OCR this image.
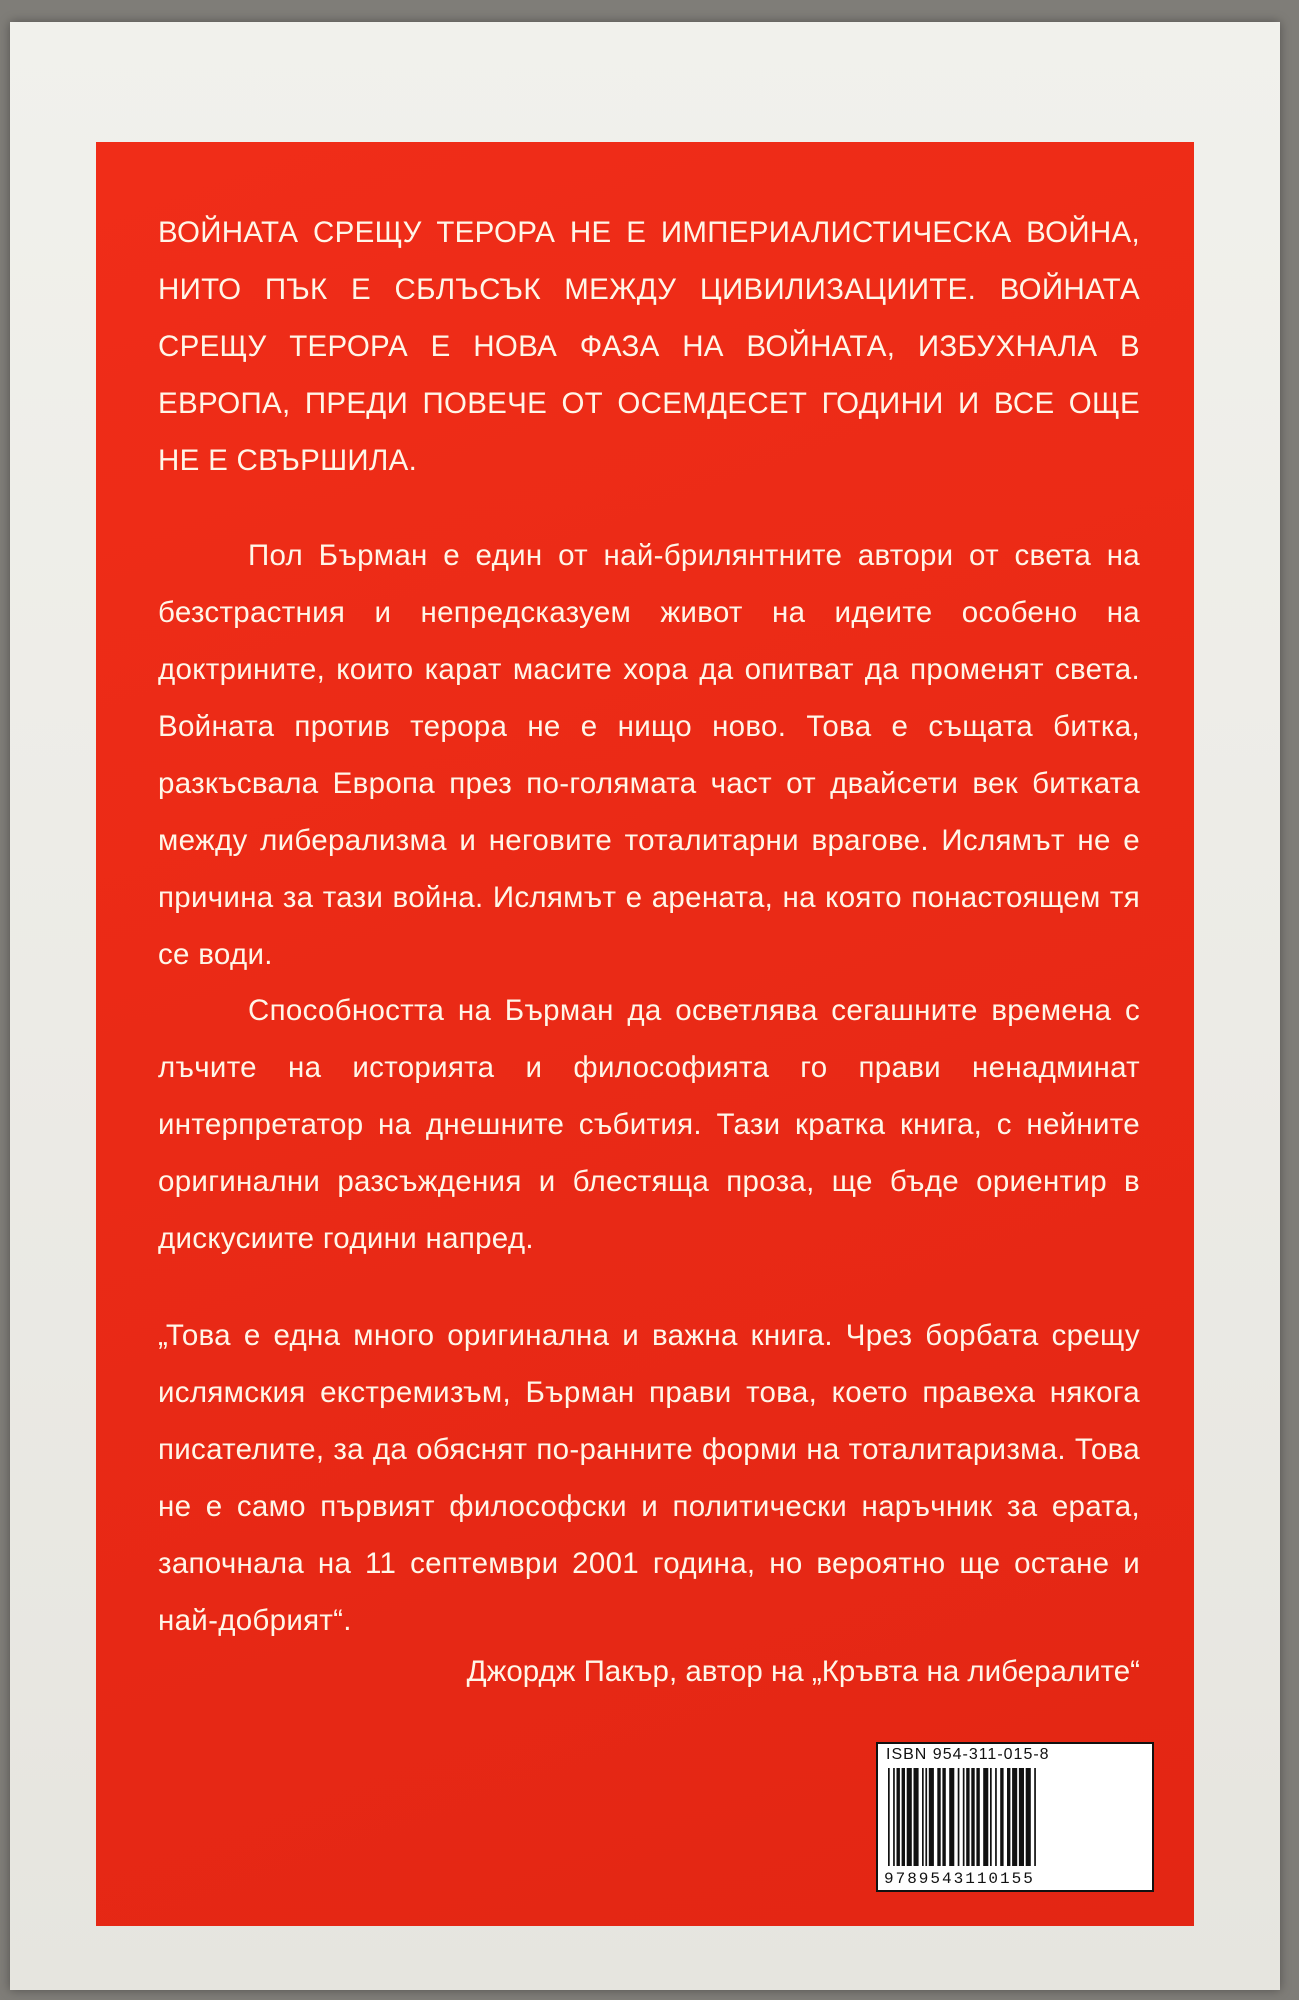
ВОЙНАТА СРЕЩУ ТЕРОРА НЕ Е ИМПЕРИАЛИСТИЧЕСКА ВОЙНА, НИТО ПЪК Е СБЛЪСЪК МЕЖДУ ЦИВИЛИЗАЦИИТЕ. ВОЙНАТА СРЕЩУ ТЕРОРА Е НОВА ФАЗА НА ВОЙНАТА, ИЗБУХНАЛА В ЕВРОПА, ПРЕДИ ПОВЕЧЕ ОТ ОСЕМДЕСЕТ ГОДИНИ И ВСЕ ОЩЕ НЕ Е СВЪРШИЛА.

Пол Бърман е един от най-брилянтните автори от света на безстрастния и непредсказуем живот на идеите особено на доктрините, които карат масите хора да опитват да променят света. Войната против терора не е нищо ново. Това е същата битка, разкъсвала Европа през по-голямата част от двайсети век битката между либерализма и неговите тоталитарни врагове. Ислямът не е причина за тази война. Ислямът е арената, на която понастоящем тя се води.

Способността на Бърман да осветлява сегашните времена с лъчите на историята и философията го прави ненадминат интерпретатор на днешните събития. Тази кратка книга, с нейните оригинални разсъждения и блестяща проза, ще бъде ориентир в дискусиите години напред.

„Това е една много оригинална и важна книга. Чрез борбата срещу ислямския екстремизъм, Бърман прави това, което правеха някога писателите, за да обяснят по-ранните форми на тоталитаризма. Това не е само първият философски и политически наръчник за ерата, започнала на 11 септември 2001 година, но вероятно ще остане и най-добрият“.

Джордж Пакър, автор на „Кръвта на либералите“

ISBN 954-311-015-8

9789543110155
